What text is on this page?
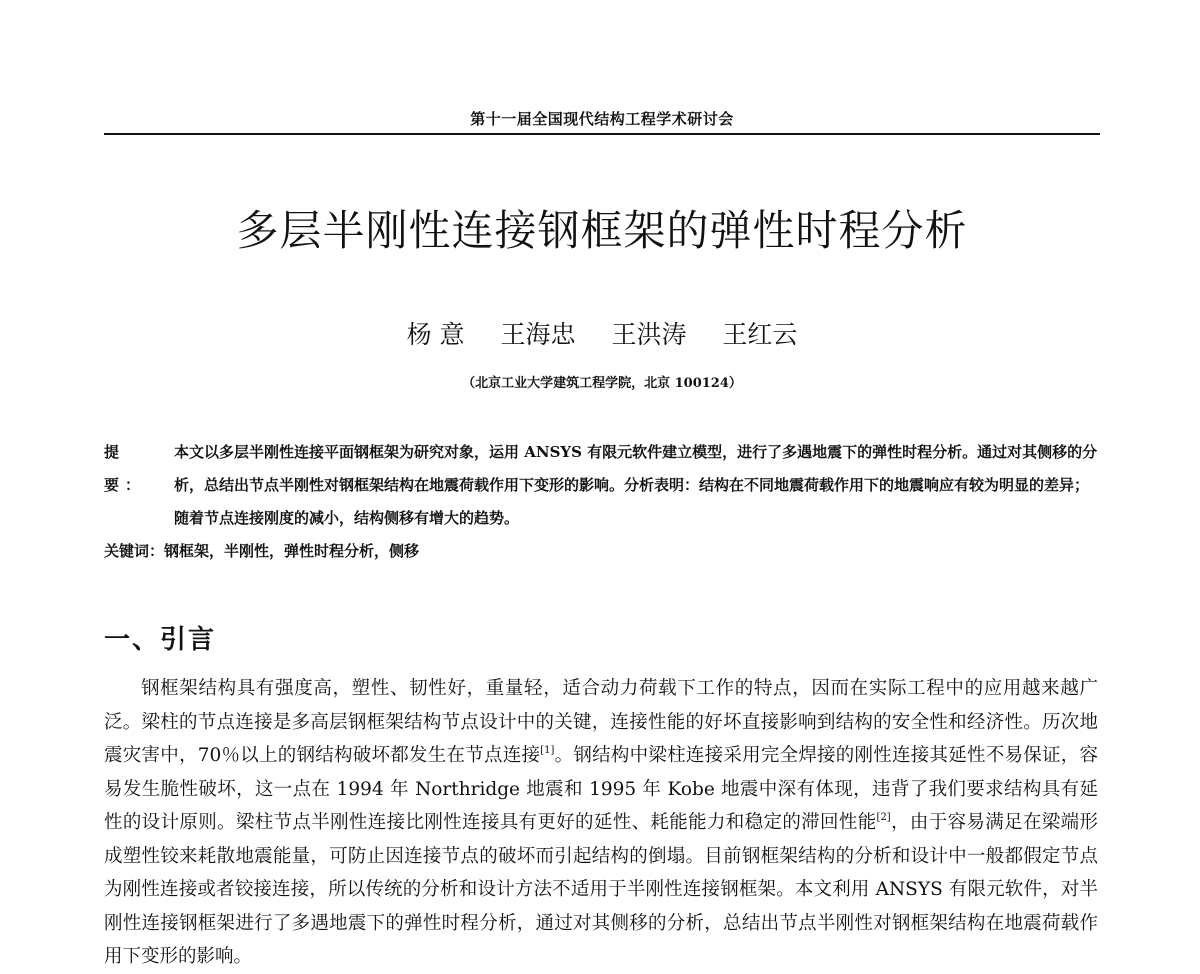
第十一届全国现代结构工程学术研讨会
多层半刚性连接钢框架的弹性时程分析
杨 意 王海忠 王洪涛 王红云
（北京工业大学建筑工程学院，北京 100124）
提 要：
本文以多层半刚性连接平面钢框架为研究对象，运用 ANSYS 有限元软件建立模型，进行了多遇地震下的弹性时程分析。通过对其侧移的分析，总结出节点半刚性对钢框架结构在地震荷载作用下变形的影响。分析表明：结构在不同地震荷载作用下的地震响应有较为明显的差异；随着节点连接刚度的减小，结构侧移有增大的趋势。
关键词：钢框架，半刚性，弹性时程分析，侧移
一、引言
钢框架结构具有强度高，塑性、韧性好，重量轻，适合动力荷载下工作的特点，因而在实际工程中的应用越来越广泛。梁柱的节点连接是多高层钢框架结构节点设计中的关键，连接性能的好坏直接影响到结构的安全性和经济性。历次地震灾害中，70％以上的钢结构破坏都发生在节点连接[1]。钢结构中梁柱连接采用完全焊接的刚性连接其延性不易保证，容易发生脆性破坏，这一点在 1994 年 Northridge 地震和 1995 年 Kobe 地震中深有体现，违背了我们要求结构具有延性的设计原则。梁柱节点半刚性连接比刚性连接具有更好的延性、耗能能力和稳定的滞回性能[2]，由于容易满足在梁端形成塑性铰来耗散地震能量，可防止因连接节点的破坏而引起结构的倒塌。目前钢框架结构的分析和设计中一般都假定节点为刚性连接或者铰接连接，所以传统的分析和设计方法不适用于半刚性连接钢框架。本文利用 ANSYS 有限元软件，对半刚性连接钢框架进行了多遇地震下的弹性时程分析，通过对其侧移的分析，总结出节点半刚性对钢框架结构在地震荷载作用下变形的影响。
